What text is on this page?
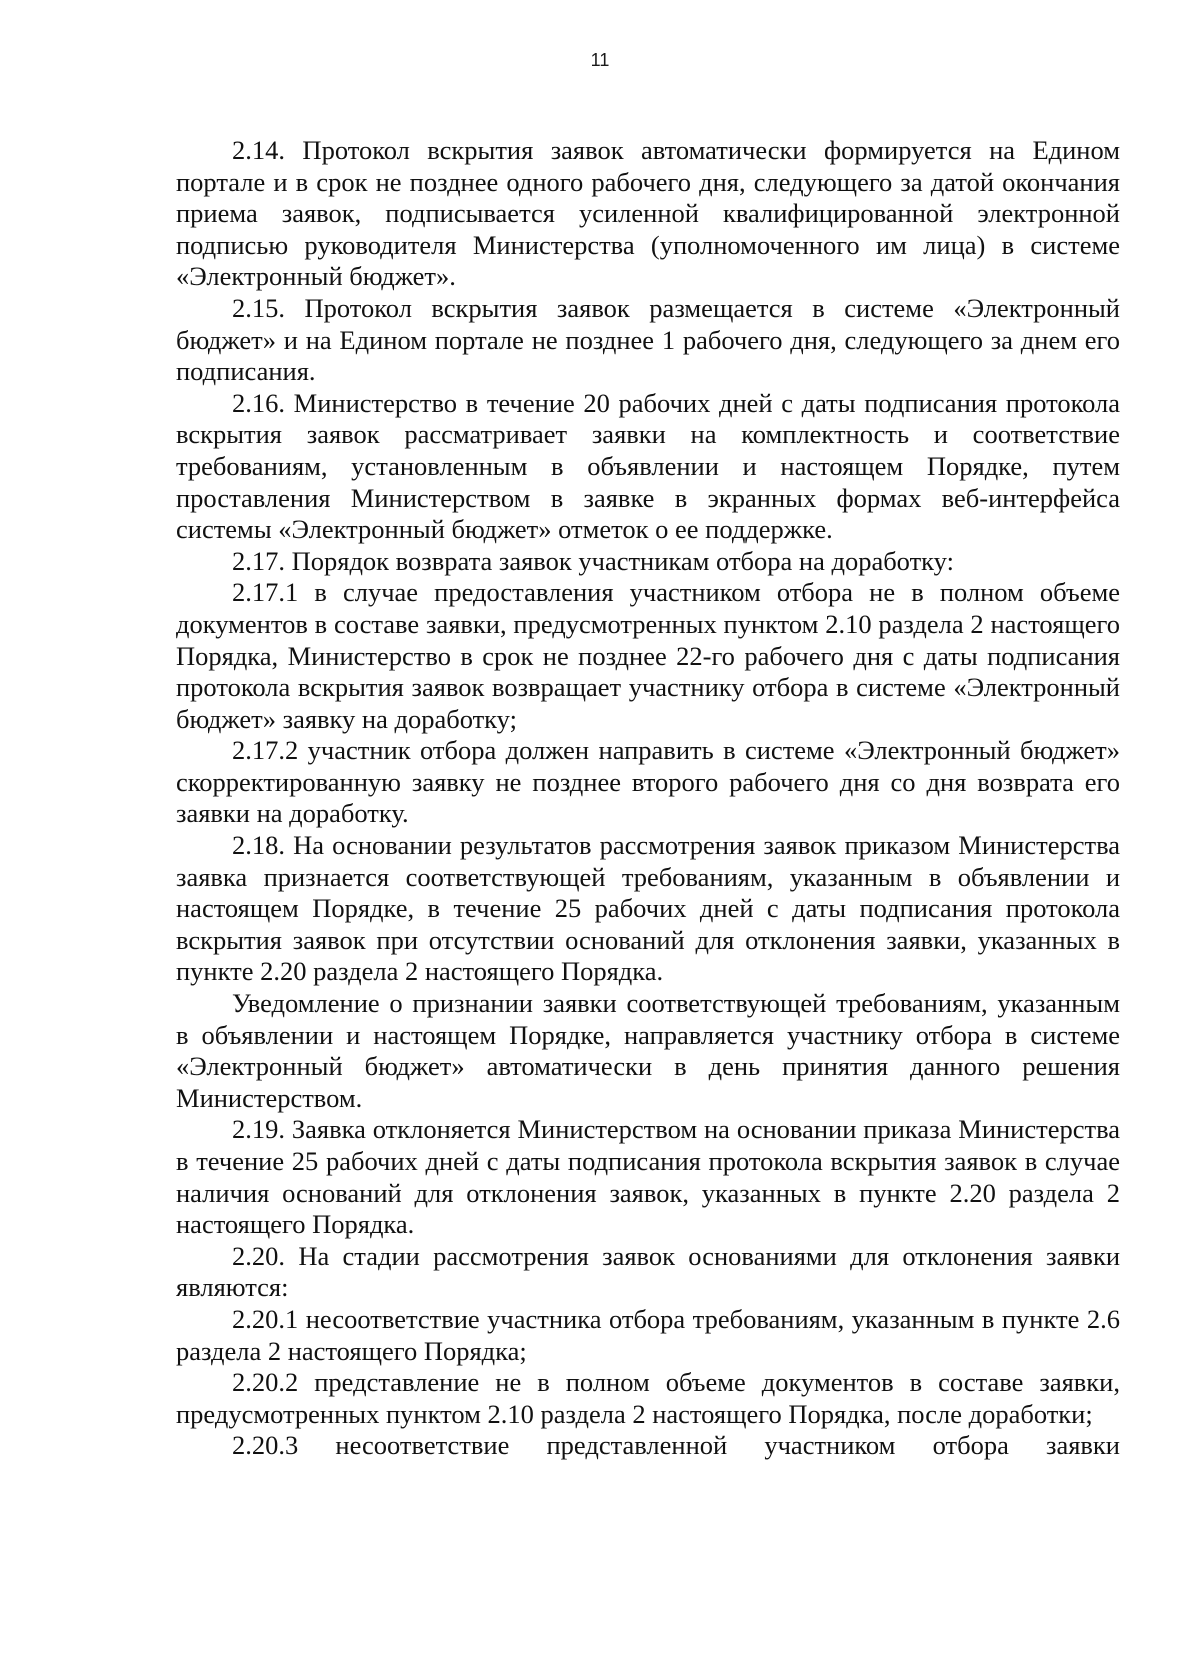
11

2.14. Протокол вскрытия заявок автоматически формируется на Едином портале и в срок не позднее одного рабочего дня, следующего за датой окончания приема заявок, подписывается усиленной квалифицированной электронной подписью руководителя Министерства (уполномоченного им лица) в системе «Электронный бюджет».

2.15. Протокол вскрытия заявок размещается в системе «Электронный бюджет» и на Едином портале не позднее 1 рабочего дня, следующего за днем его подписания.

2.16. Министерство в течение 20 рабочих дней с даты подписания протокола вскрытия заявок рассматривает заявки на комплектность и соответствие требованиям, установленным в объявлении и настоящем Порядке, путем проставления Министерством в заявке в экранных формах веб-интерфейса системы «Электронный бюджет» отметок о ее поддержке.

2.17. Порядок возврата заявок участникам отбора на доработку:

2.17.1 в случае предоставления участником отбора не в полном объеме документов в составе заявки, предусмотренных пунктом 2.10 раздела 2 настоящего Порядка, Министерство в срок не позднее 22-го рабочего дня с даты подписания протокола вскрытия заявок возвращает участнику отбора в системе «Электронный бюджет» заявку на доработку;

2.17.2 участник отбора должен направить в системе «Электронный бюджет» скорректированную заявку не позднее второго рабочего дня со дня возврата его заявки на доработку.

2.18. На основании результатов рассмотрения заявок приказом Министерства заявка признается соответствующей требованиям, указанным в объявлении и настоящем Порядке, в течение 25 рабочих дней с даты подписания протокола вскрытия заявок при отсутствии оснований для отклонения заявки, указанных в пункте 2.20 раздела 2 настоящего Порядка.

Уведомление о признании заявки соответствующей требованиям, указанным в объявлении и настоящем Порядке, направляется участнику отбора в системе «Электронный бюджет» автоматически в день принятия данного решения Министерством.

2.19. Заявка отклоняется Министерством на основании приказа Министерства в течение 25 рабочих дней с даты подписания протокола вскрытия заявок в случае наличия оснований для отклонения заявок, указанных в пункте 2.20 раздела 2 настоящего Порядка.

2.20. На стадии рассмотрения заявок основаниями для отклонения заявки являются:

2.20.1 несоответствие участника отбора требованиям, указанным в пункте 2.6 раздела 2 настоящего Порядка;

2.20.2 представление не в полном объеме документов в составе заявки, предусмотренных пунктом 2.10 раздела 2 настоящего Порядка, после доработки;

2.20.3 несоответствие представленной участником отбора заявки
